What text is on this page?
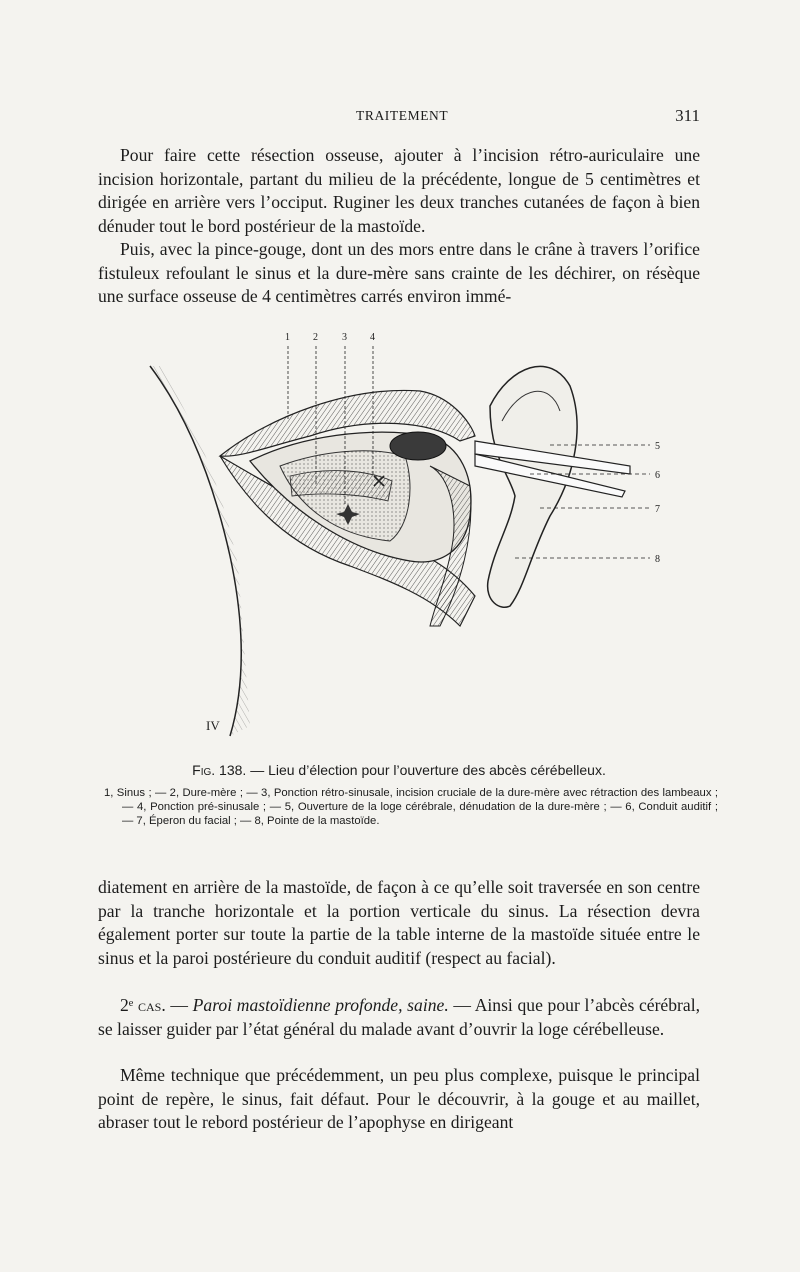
TRAITEMENT	311

Pour faire cette résection osseuse, ajouter à l’incision rétro-auriculaire une incision horizontale, partant du milieu de la précédente, longue de 5 centimètres et dirigée en arrière vers l’occiput. Ruginer les deux tranches cutanées de façon à bien dénuder tout le bord postérieur de la mastoïde.

Puis, avec la pince-gouge, dont un des mors entre dans le crâne à travers l’orifice fistuleux refoulant le sinus et la dure-mère sans crainte de les déchirer, on résèque une surface osseuse de 4 centimètres carrés environ immé-

IV
1 2 3 4
5
6
7
8
Fig. 138. — Lieu d’élection pour l’ouverture des abcès cérébelleux.
1, Sinus ; — 2, Dure-mère ; — 3, Ponction rétro-sinusale, incision cruciale de la dure-mère avec rétraction des lambeaux ; — 4, Ponction pré-sinusale ; — 5, Ouverture de la loge cérébrale, dénudation de la dure-mère ; — 6, Conduit auditif ; — 7, Éperon du facial ; — 8, Pointe de la mastoïde.

diatement en arrière de la mastoïde, de façon à ce qu’elle soit traversée en son centre par la tranche horizontale et la portion verticale du sinus. La résection devra également porter sur toute la partie de la table interne de la mastoïde située entre le sinus et la paroi postérieure du conduit auditif (respect au facial).

2ᵉ cas. — Paroi mastoïdienne profonde, saine. — Ainsi que pour l’abcès cérébral, se laisser guider par l’état général du malade avant d’ouvrir la loge cérébelleuse.

Même technique que précédemment, un peu plus complexe, puisque le principal point de repère, le sinus, fait défaut. Pour le découvrir, à la gouge et au maillet, abraser tout le rebord postérieur de l’apophyse en dirigeant
